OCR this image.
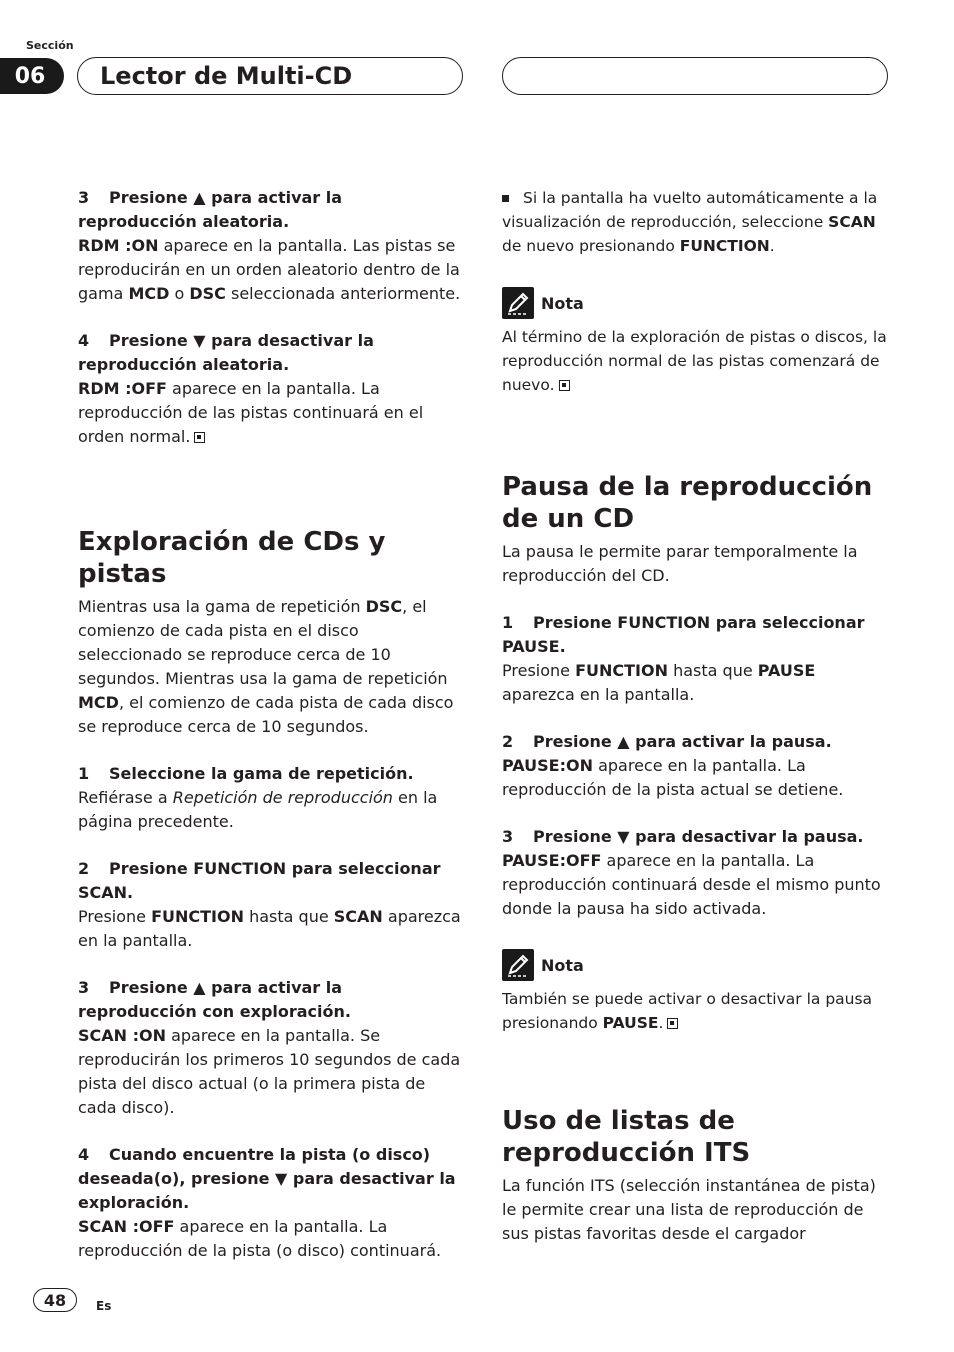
Sección
06	Lector de Multi-CD

3 Presione ▲ para activar la reproducción aleatoria.

RDM :ON aparece en la pantalla. Las pistas se reproducirán en un orden aleatorio dentro de la gama MCD o DSC seleccionada anteriormente.

4 Presione ▼ para desactivar la reproducción aleatoria.

RDM :OFF aparece en la pantalla. La reproducción de las pistas continuará en el orden normal.

Exploración de CDs y pistas

Mientras usa la gama de repetición DSC, el comienzo de cada pista en el disco seleccionado se reproduce cerca de 10 segundos. Mientras usa la gama de repetición MCD, el comienzo de cada pista de cada disco se reproduce cerca de 10 segundos.

1 Seleccione la gama de repetición.

Refiérase a Repetición de reproducción en la página precedente.

2 Presione FUNCTION para seleccionar SCAN.

Presione FUNCTION hasta que SCAN aparezca en la pantalla.

3 Presione ▲ para activar la reproducción con exploración.

SCAN :ON aparece en la pantalla. Se reproducirán los primeros 10 segundos de cada pista del disco actual (o la primera pista de cada disco).

4 Cuando encuentre la pista (o disco) deseada(o), presione ▼ para desactivar la exploración.

SCAN :OFF aparece en la pantalla. La reproducción de la pista (o disco) continuará.

Si la pantalla ha vuelto automáticamente a la visualización de reproducción, seleccione SCAN de nuevo presionando FUNCTION.

Nota

Al término de la exploración de pistas o discos, la reproducción normal de las pistas comenzará de nuevo.

Pausa de la reproducción
de un CD

La pausa le permite parar temporalmente la reproducción del CD.

1 Presione FUNCTION para seleccionar PAUSE.

Presione FUNCTION hasta que PAUSE aparezca en la pantalla.

2 Presione ▲ para activar la pausa.

PAUSE:ON aparece en la pantalla. La reproducción de la pista actual se detiene.

3 Presione ▼ para desactivar la pausa.

PAUSE:OFF aparece en la pantalla. La reproducción continuará desde el mismo punto donde la pausa ha sido activada.

Nota

También se puede activar o desactivar la pausa presionando PAUSE.

Uso de listas de
reproducción ITS

La función ITS (selección instantánea de pista) le permite crear una lista de reproducción de sus pistas favoritas desde el cargador

48	Es
